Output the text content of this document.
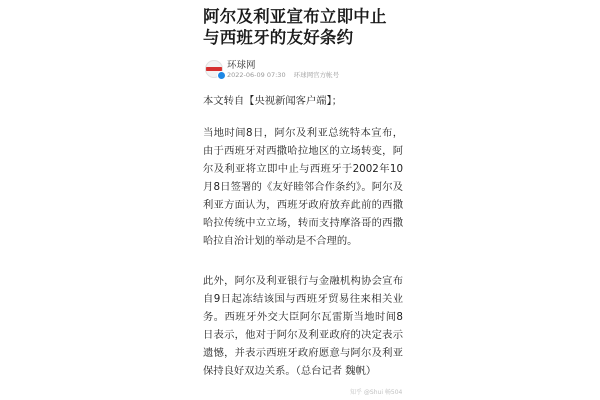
阿尔及利亚宣布立即中止与西班牙的友好条约
环球网
2022-06-09 07:30 环球网官方帐号

本文转自【央视新闻客户端】；

当地时间8日，阿尔及利亚总统特本宣布，由于西班牙对西撒哈拉地区的立场转变，阿尔及利亚将立即中止与西班牙于2002年10月8日签署的《友好睦邻合作条约》。阿尔及利亚方面认为，西班牙政府放弃此前的西撒哈拉传统中立立场，转而支持摩洛哥的西撒哈拉自治计划的举动是不合理的。

此外，阿尔及利亚银行与金融机构协会宣布自9日起冻结该国与西班牙贸易往来相关业务。西班牙外交大臣阿尔瓦雷斯当地时间8日表示，他对于阿尔及利亚政府的决定表示遗憾，并表示西班牙政府愿意与阿尔及利亚保持良好双边关系。（总台记者 魏帆）

知乎 @Shui 畅504
